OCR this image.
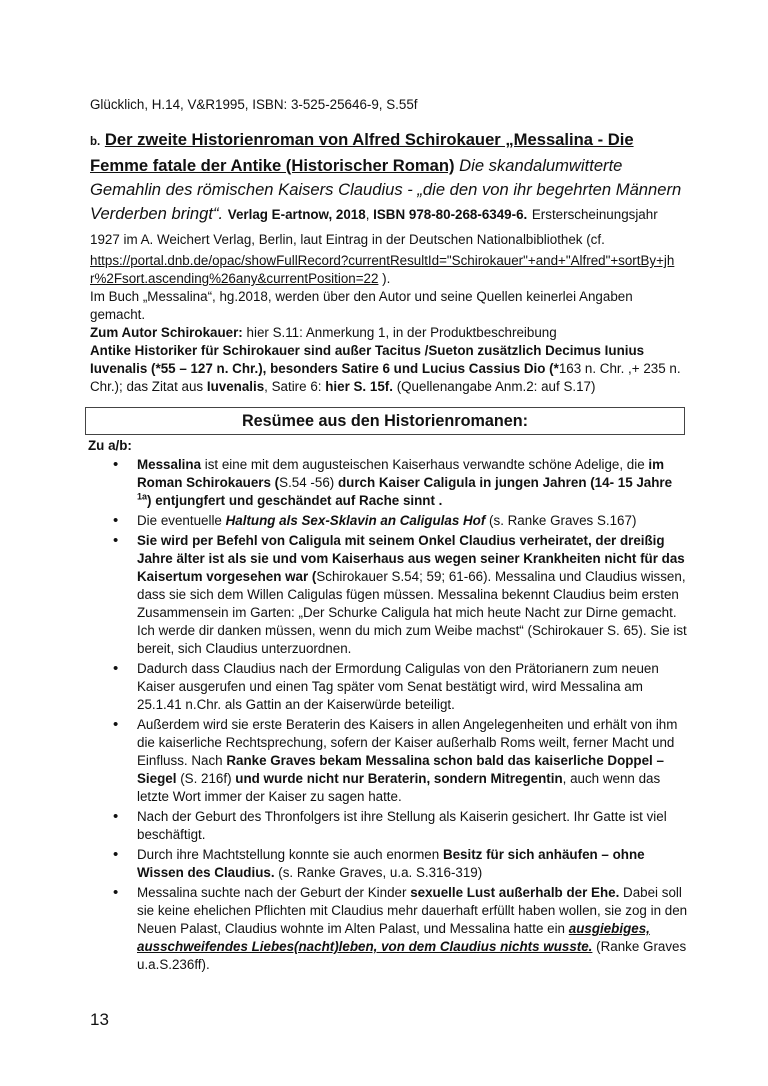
Glücklich, H.14, V&R1995, ISBN: 3-525-25646-9, S.55f

b. Der zweite Historienroman von Alfred Schirokauer „Messalina - Die Femme fatale der Antike (Historischer Roman) Die skandalumwitterte Gemahlin des römischen Kaisers Claudius - „die den von ihr begehrten Männern Verderben bringt“. Verlag E-artnow, 2018, ISBN 978-80-268-6349-6. Ersterscheinungsjahr 1927 im A. Weichert Verlag, Berlin, laut Eintrag in der Deutschen Nationalbibliothek (cf.
https://portal.dnb.de/opac/showFullRecord?currentResultId="Schirokauer"+and+"Alfred"+sortBy+jhr%2Fsort.ascending%26any&currentPosition=22 ).
Im Buch „Messalina“, hg.2018, werden über den Autor und seine Quellen keinerlei Angaben gemacht.
Zum Autor Schirokauer: hier S.11: Anmerkung 1, in der Produktbeschreibung
Antike Historiker für Schirokauer sind außer Tacitus /Sueton zusätzlich Decimus Iunius Iuvenalis (*55 – 127 n. Chr.), besonders Satire 6 und Lucius Cassius Dio (*163 n. Chr. ,+ 235 n. Chr.); das Zitat aus Iuvenalis, Satire 6: hier S. 15f. (Quellenangabe Anm.2: auf S.17)
Resümee aus den Historienromanen:

Zu a/b:

• Messalina ist eine mit dem augusteischen Kaiserhaus verwandte schöne Adelige, die im Roman Schirokauers (S.54 -56) durch Kaiser Caligula in jungen Jahren (14- 15 Jahre $^{1a}$) entjungfert und geschändet auf Rache sinnt .
• Die eventuelle Haltung als Sex-Sklavin an Caligulas Hof (s. Ranke Graves S.167)
• Sie wird per Befehl von Caligula mit seinem Onkel Claudius verheiratet, der dreißig Jahre älter ist als sie und vom Kaiserhaus aus wegen seiner Krankheiten nicht für das Kaisertum vorgesehen war (Schirokauer S.54; 59; 61-66). Messalina und Claudius wissen, dass sie sich dem Willen Caligulas fügen müssen. Messalina bekennt Claudius beim ersten Zusammensein im Garten: „Der Schurke Caligula hat mich heute Nacht zur Dirne gemacht. Ich werde dir danken müssen, wenn du mich zum Weibe machst“ (Schirokauer S. 65). Sie ist bereit, sich Claudius unterzuordnen.
• Dadurch dass Claudius nach der Ermordung Caligulas von den Prätorianern zum neuen Kaiser ausgerufen und einen Tag später vom Senat bestätigt wird, wird Messalina am 25.1.41 n.Chr. als Gattin an der Kaiserwürde beteiligt.
• Außerdem wird sie erste Beraterin des Kaisers in allen Angelegenheiten und erhält von ihm die kaiserliche Rechtsprechung, sofern der Kaiser außerhalb Roms weilt, ferner Macht und Einfluss. Nach Ranke Graves bekam Messalina schon bald das kaiserliche Doppel –Siegel (S. 216f) und wurde nicht nur Beraterin, sondern Mitregentin, auch wenn das letzte Wort immer der Kaiser zu sagen hatte.
• Nach der Geburt des Thronfolgers ist ihre Stellung als Kaiserin gesichert. Ihr Gatte ist viel beschäftigt.
• Durch ihre Machtstellung konnte sie auch enormen Besitz für sich anhäufen – ohne Wissen des Claudius. (s. Ranke Graves, u.a. S.316-319)
• Messalina suchte nach der Geburt der Kinder sexuelle Lust außerhalb der Ehe. Dabei soll sie keine ehelichen Pflichten mit Claudius mehr dauerhaft erfüllt haben wollen, sie zog in den Neuen Palast, Claudius wohnte im Alten Palast, und Messalina hatte ein ausgiebiges, ausschweifendes Liebes(nacht)leben, von dem Claudius nichts wusste. (Ranke Graves u.a.S.236ff).

13
